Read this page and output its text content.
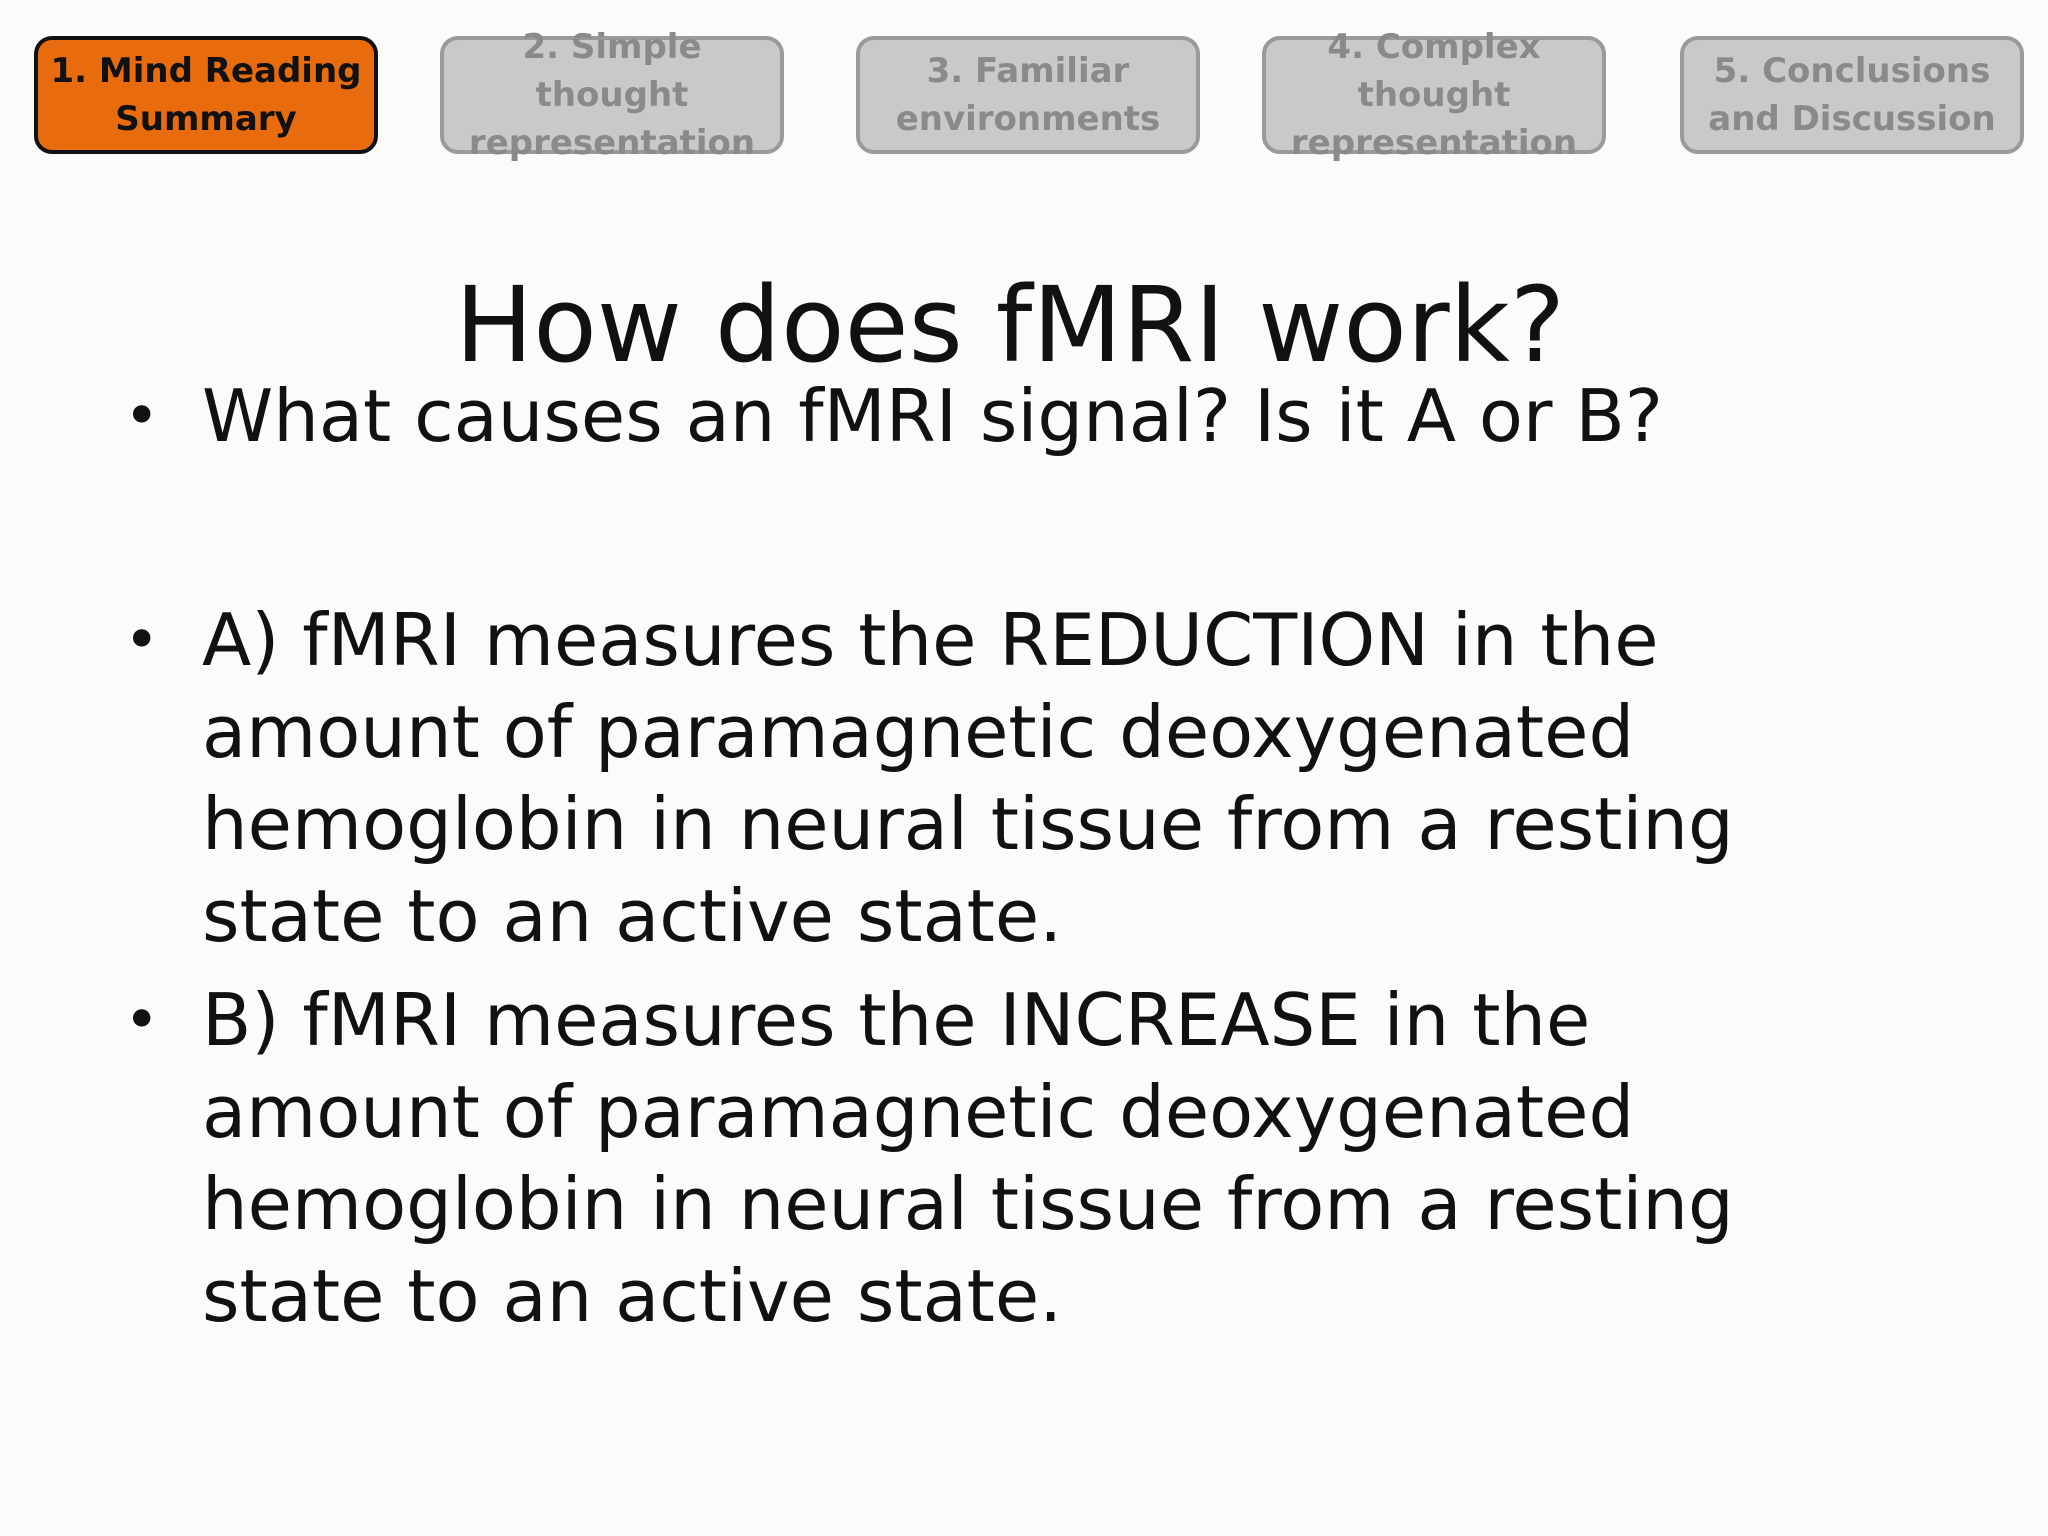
1. Mind Reading
Summary
2. Simple thought
representation
3. Familiar
environments
4. Complex thought
representation
5. Conclusions
and Discussion
How does fMRI work?
• What causes an fMRI signal? Is it A or B?
• A) fMRI measures the REDUCTION in the amount of paramagnetic deoxygenated hemoglobin in neural tissue from a resting state to an active state.
• B) fMRI measures the INCREASE in the amount of paramagnetic deoxygenated hemoglobin in neural tissue from a resting state to an active state.
